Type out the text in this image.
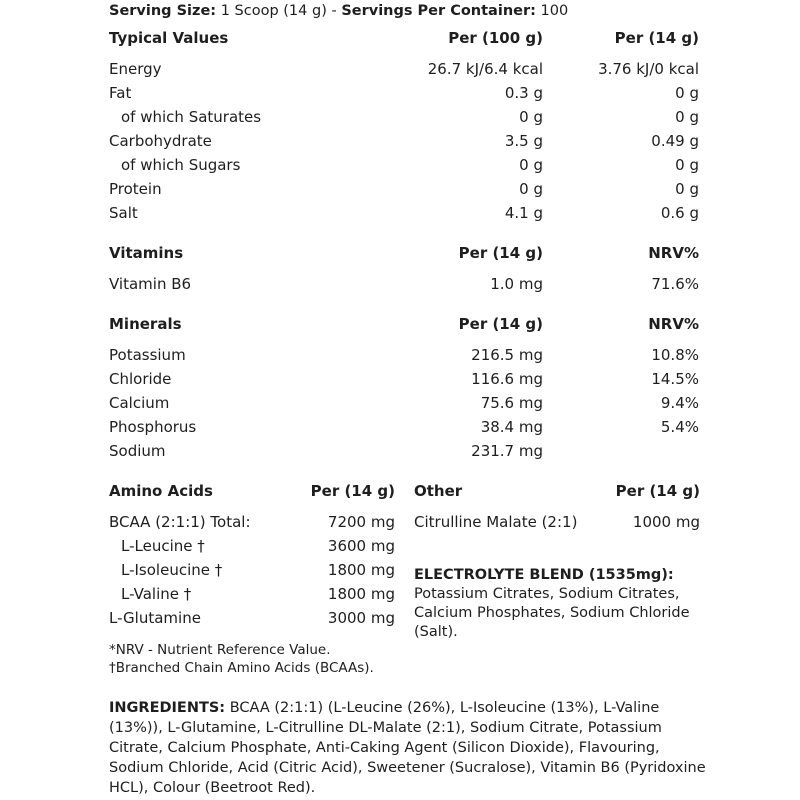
Serving Size: 1 Scoop (14 g) - Servings Per Container: 100
Typical Values	Per (100 g)	Per (14 g)
Energy	26.7 kJ/6.4 kcal	3.76 kJ/0 kcal
Fat	0.3 g	0 g
of which Saturates	0 g	0 g
Carbohydrate	3.5 g	0.49 g
of which Sugars	0 g	0 g
Protein	0 g	0 g
Salt	4.1 g	0.6 g
Vitamins	Per (14 g)	NRV%
Vitamin B6	1.0 mg	71.6%
Minerals	Per (14 g)	NRV%
Potassium	216.5 mg	10.8%
Chloride	116.6 mg	14.5%
Calcium	75.6 mg	9.4%
Phosphorus	38.4 mg	5.4%
Sodium	231.7 mg
Amino Acids	Per (14 g)
BCAA (2:1:1) Total:	7200 mg
L-Leucine †	3600 mg
L-Isoleucine †	1800 mg
L-Valine †	1800 mg
L-Glutamine	3000 mg
Other	Per (14 g)
Citrulline Malate (2:1)	1000 mg
ELECTROLYTE BLEND (1535mg):
Potassium Citrates, Sodium Citrates, Calcium Phosphates, Sodium Chloride (Salt).
*NRV - Nutrient Reference Value.
†Branched Chain Amino Acids (BCAAs).
INGREDIENTS: BCAA (2:1:1) (L-Leucine (26%), L-Isoleucine (13%), L-Valine (13%)), L-Glutamine, L-Citrulline DL-Malate (2:1), Sodium Citrate, Potassium Citrate, Calcium Phosphate, Anti-Caking Agent (Silicon Dioxide), Flavouring, Sodium Chloride, Acid (Citric Acid), Sweetener (Sucralose), Vitamin B6 (Pyridoxine HCL), Colour (Beetroot Red).
